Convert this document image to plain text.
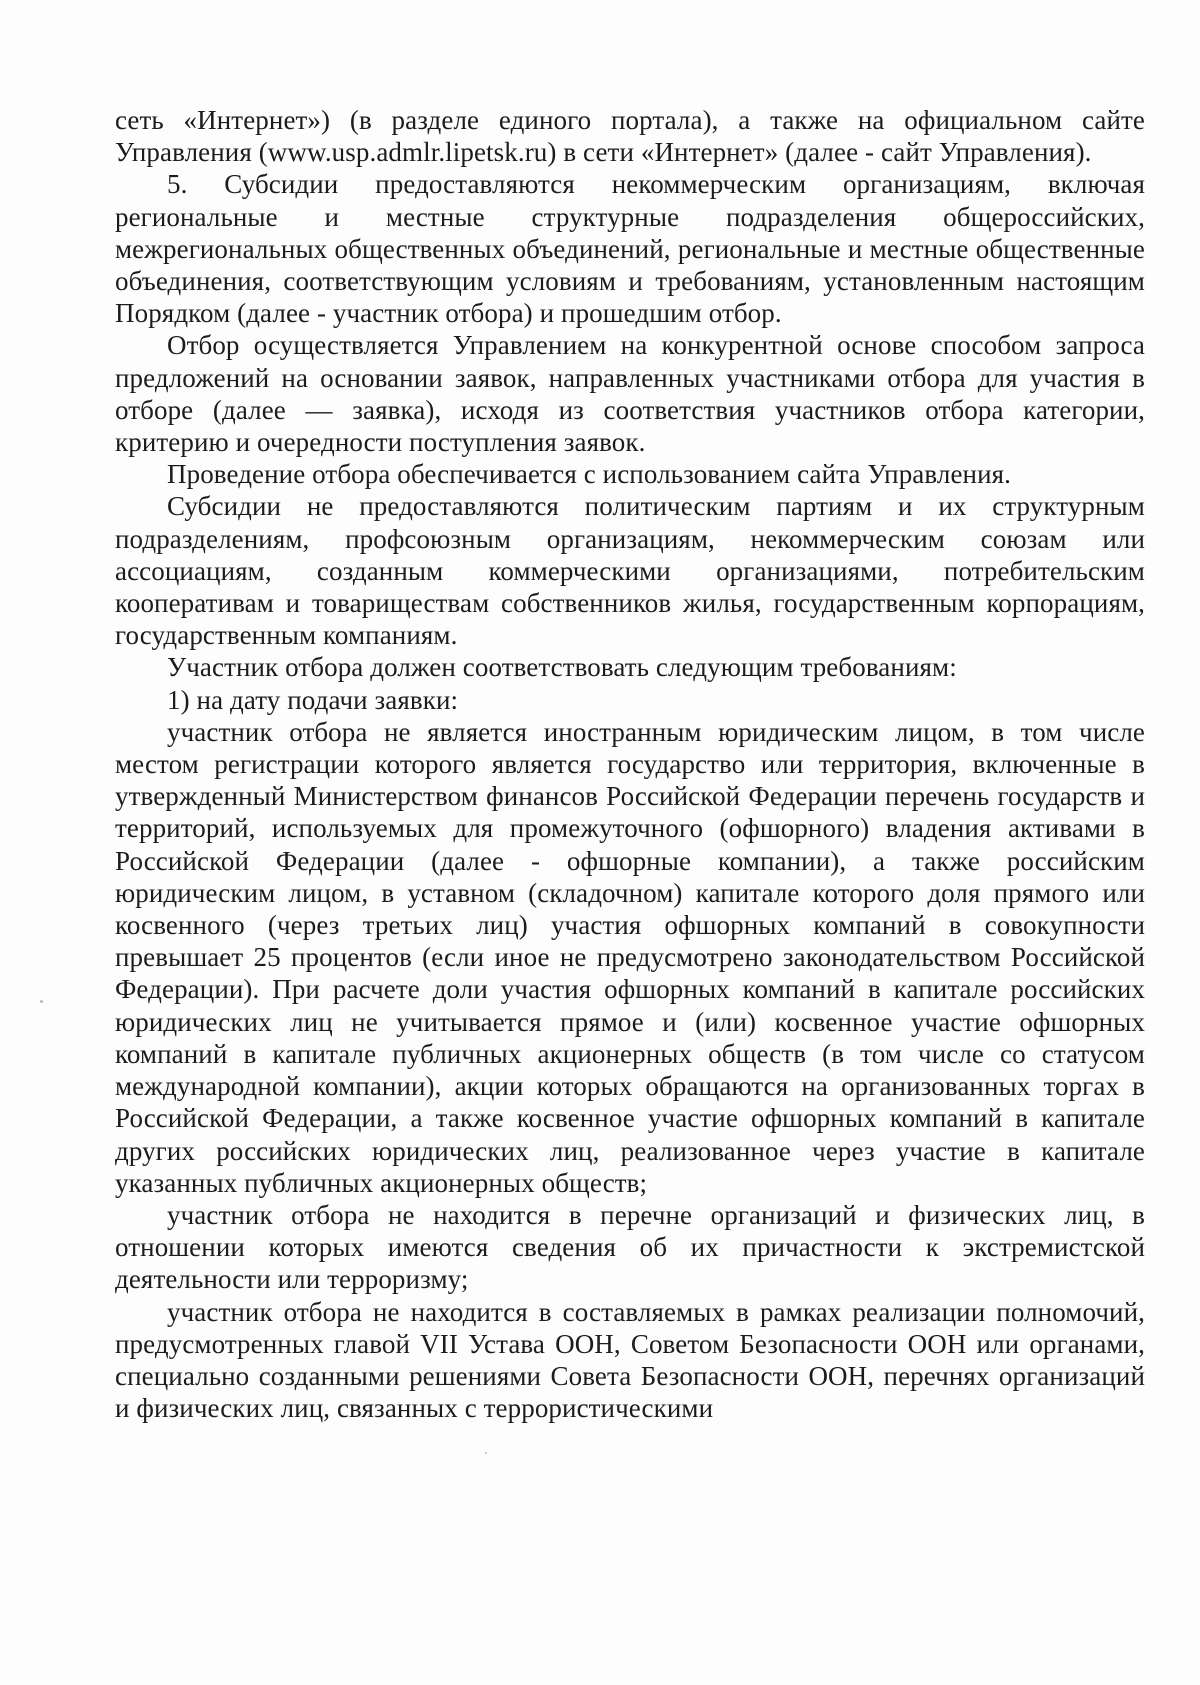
сеть «Интернет») (в разделе единого портала), а также на официальном сайте Управления (www.usp.admlr.lipetsk.ru) в сети «Интернет» (далее - сайт Управления).

5. Субсидии предоставляются некоммерческим организациям, включая региональные и местные структурные подразделения общероссийских, межрегиональных общественных объединений, региональные и местные общественные объединения, соответствующим условиям и требованиям, установленным настоящим Порядком (далее - участник отбора) и прошедшим отбор.

Отбор осуществляется Управлением на конкурентной основе способом запроса предложений на основании заявок, направленных участниками отбора для участия в отборе (далее — заявка), исходя из соответствия участников отбора категории, критерию и очередности поступления заявок.

Проведение отбора обеспечивается с использованием сайта Управления.

Субсидии не предоставляются политическим партиям и их структурным подразделениям, профсоюзным организациям, некоммерческим союзам или ассоциациям, созданным коммерческими организациями, потребительским кооперативам и товариществам собственников жилья, государственным корпорациям, государственным компаниям.

Участник отбора должен соответствовать следующим требованиям:

1) на дату подачи заявки:

участник отбора не является иностранным юридическим лицом, в том числе местом регистрации которого является государство или территория, включенные в утвержденный Министерством финансов Российской Федерации перечень государств и территорий, используемых для промежуточного (офшорного) владения активами в Российской Федерации (далее - офшорные компании), а также российским юридическим лицом, в уставном (складочном) капитале которого доля прямого или косвенного (через третьих лиц) участия офшорных компаний в совокупности превышает 25 процентов (если иное не предусмотрено законодательством Российской Федерации). При расчете доли участия офшорных компаний в капитале российских юридических лиц не учитывается прямое и (или) косвенное участие офшорных компаний в капитале публичных акционерных обществ (в том числе со статусом международной компании), акции которых обращаются на организованных торгах в Российской Федерации, а также косвенное участие офшорных компаний в капитале других российских юридических лиц, реализованное через участие в капитале указанных публичных акционерных обществ;

участник отбора не находится в перечне организаций и физических лиц, в отношении которых имеются сведения об их причастности к экстремистской деятельности или терроризму;

участник отбора не находится в составляемых в рамках реализации полномочий, предусмотренных главой VII Устава ООН, Советом Безопасности ООН или органами, специально созданными решениями Совета Безопасности ООН, перечнях организаций и физических лиц, связанных с террористическими
